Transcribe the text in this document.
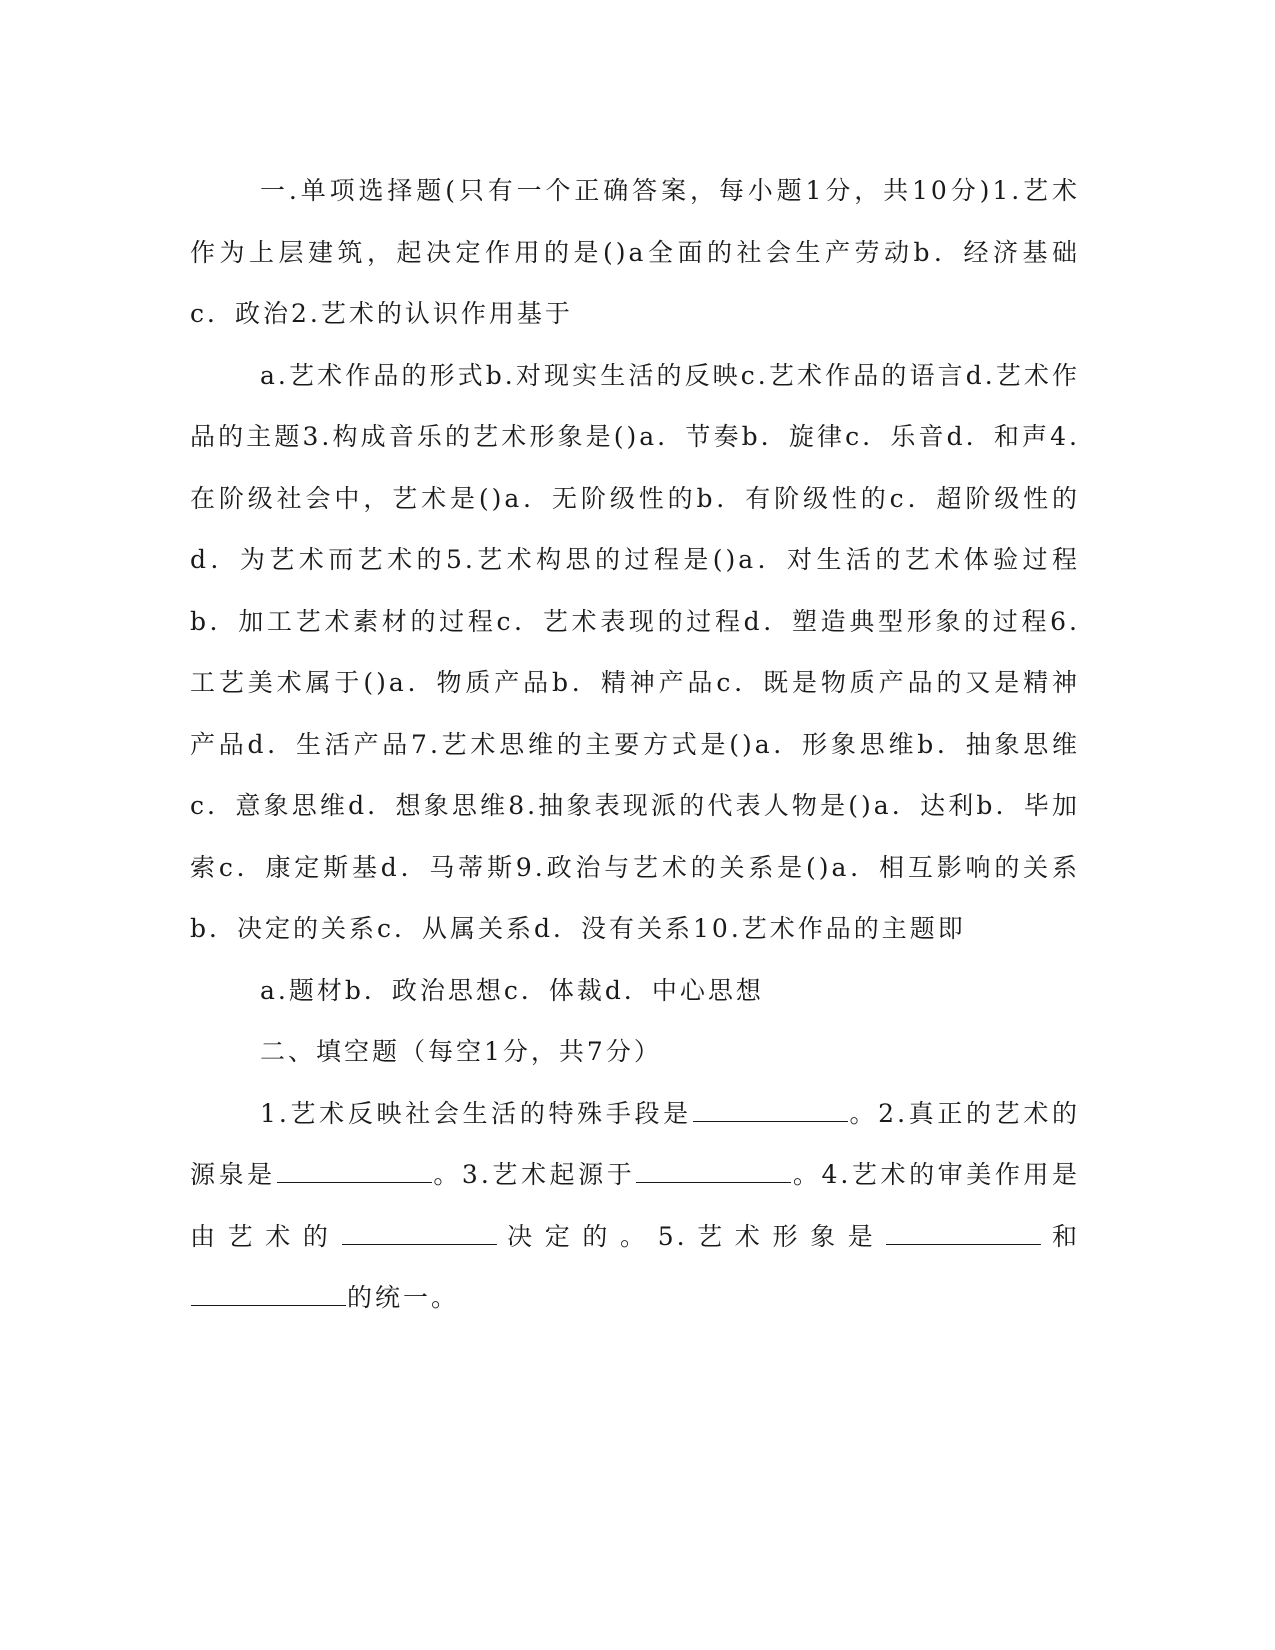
一.单项选择题(只有一个正确答案，每小题1分，共10分)1.艺术作为上层建筑，起决定作用的是()a全面的社会生产劳动b．经济基础c．政治2.艺术的认识作用基于

a.艺术作品的形式b.对现实生活的反映c.艺术作品的语言d.艺术作品的主题3.构成音乐的艺术形象是()a．节奏b．旋律c．乐音d．和声4.在阶级社会中，艺术是()a．无阶级性的b．有阶级性的c．超阶级性的d．为艺术而艺术的5.艺术构思的过程是()a．对生活的艺术体验过程b．加工艺术素材的过程c．艺术表现的过程d．塑造典型形象的过程6.工艺美术属于()a．物质产品b．精神产品c．既是物质产品的又是精神产品d．生活产品7.艺术思维的主要方式是()a．形象思维b．抽象思维c．意象思维d．想象思维8.抽象表现派的代表人物是()a．达利b．毕加索c．康定斯基d．马蒂斯9.政治与艺术的关系是()a．相互影响的关系b．决定的关系c．从属关系d．没有关系10.艺术作品的主题即

a.题材b．政治思想c．体裁d．中心思想

二、填空题（每空1分，共7分）

1.艺术反映社会生活的特殊手段是	。2.真正的艺术的源泉是	。3.艺术起源于	。4.艺术的审美作用是由艺术的	决定的。5.艺术形象是	和的统一。
